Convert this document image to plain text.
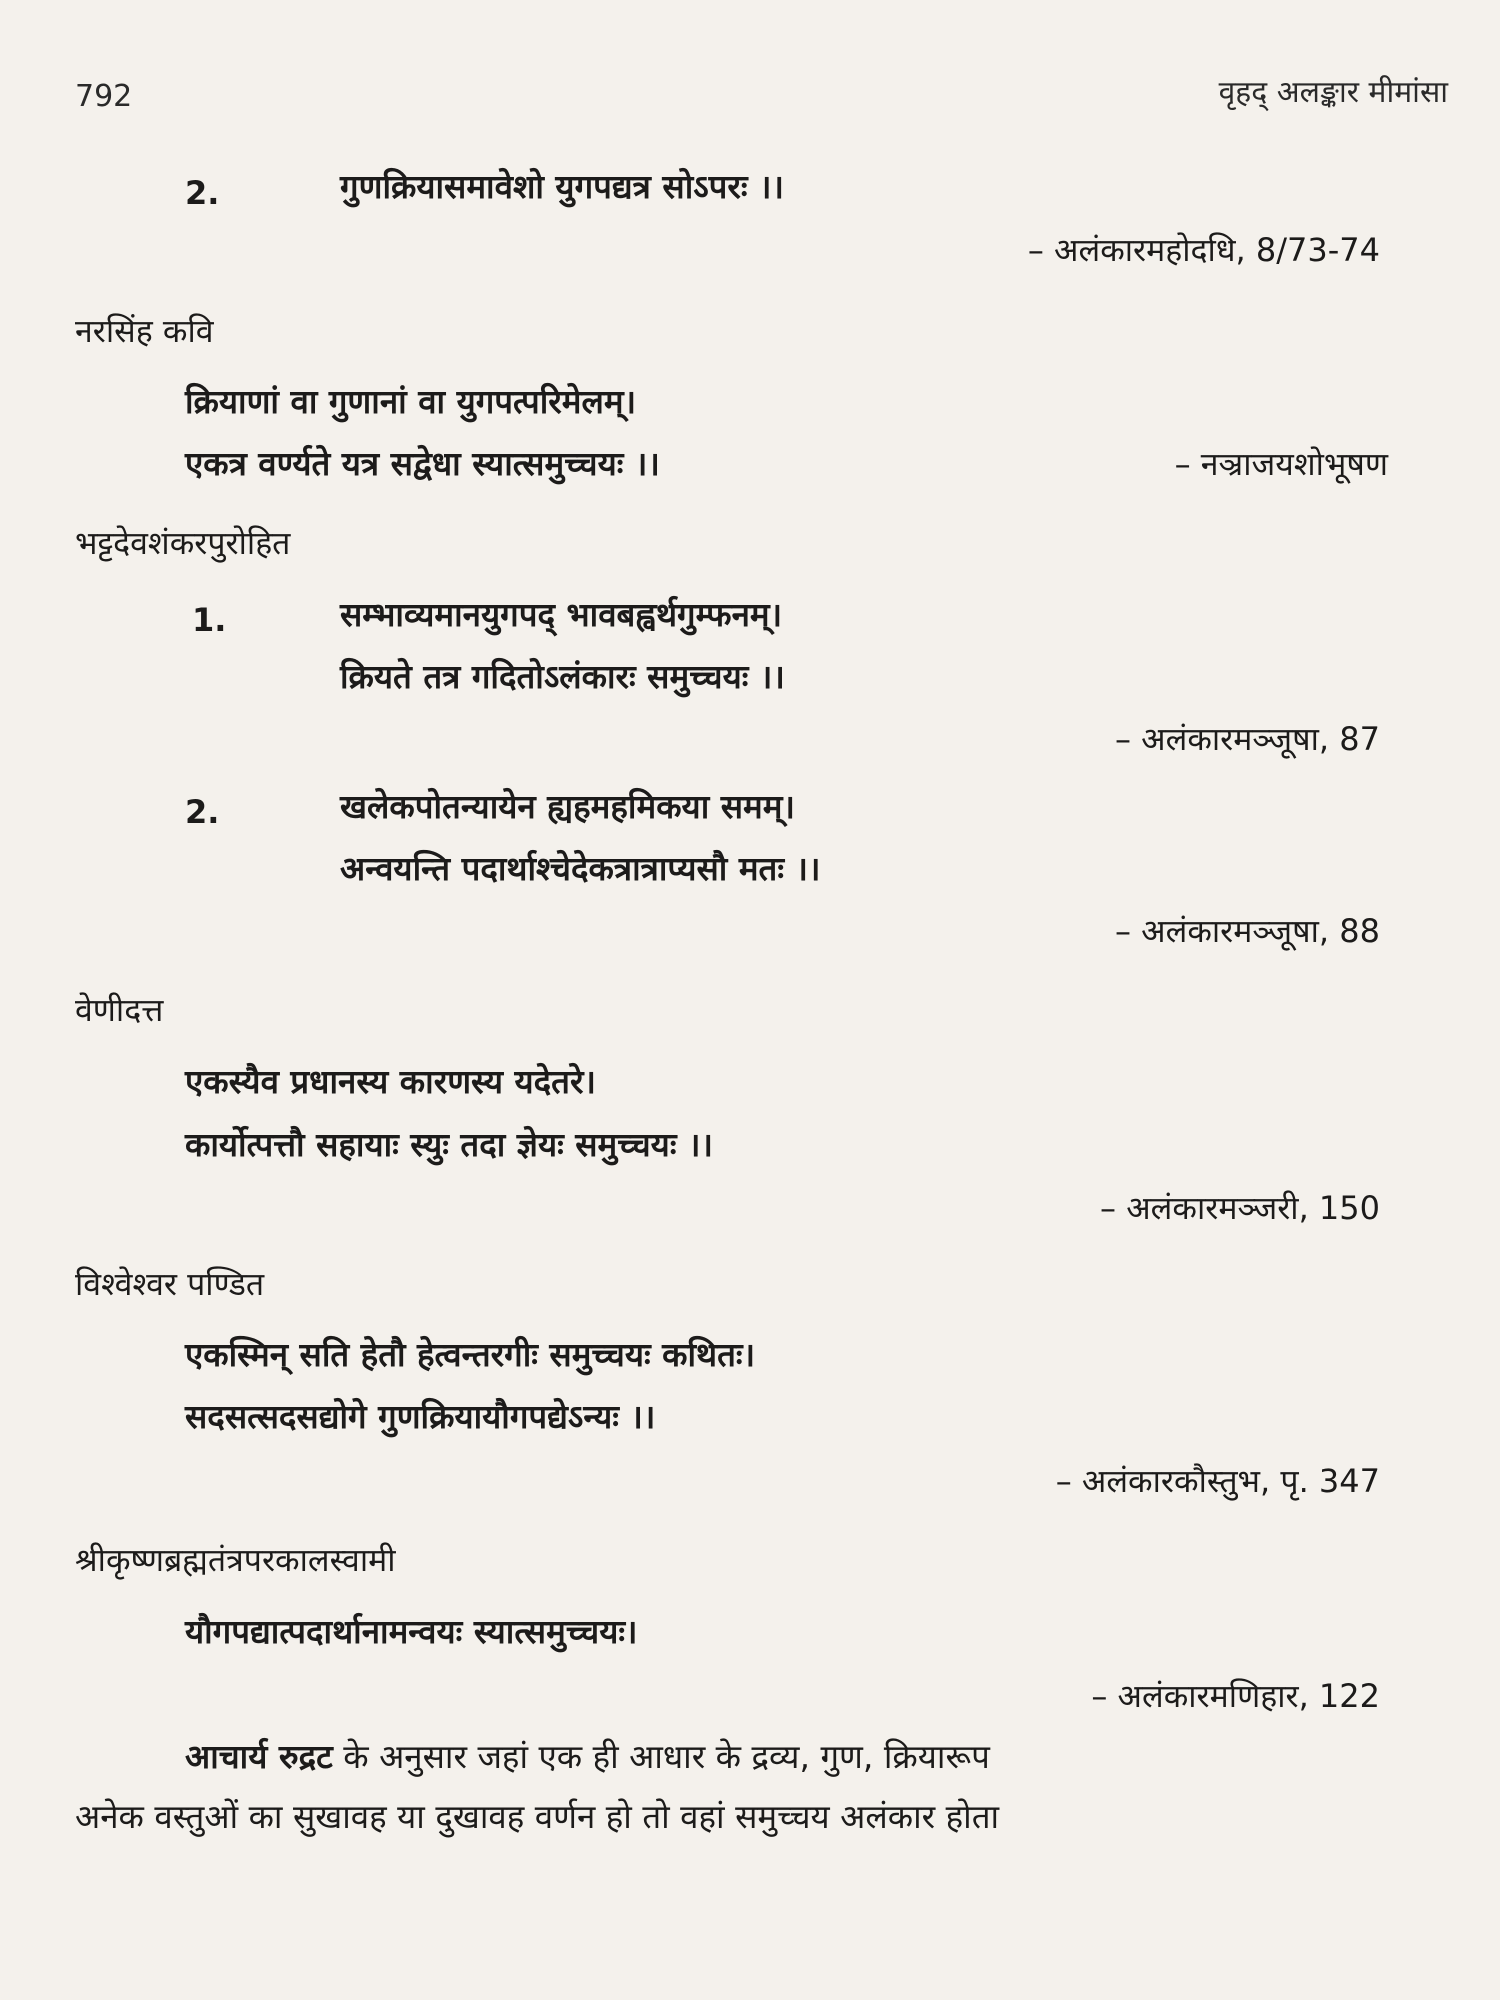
792	वृहद् अलङ्कार मीमांसा
2.	गुणक्रियासमावेशो युगपद्यत्र सोऽपरः ।।
– अलंकारमहोदधि, 8/73-74
नरसिंह कवि
क्रियाणां वा गुणानां वा युगपत्परिमेलम्।
एकत्र वर्ण्यते यत्र सद्वेधा स्यात्समुच्चयः ।।	– नञ्राजयशोभूषण
भट्टदेवशंकरपुरोहित
1.	सम्भाव्यमानयुगपद् भावबह्वर्थगुम्फनम्।
क्रियते तत्र गदितोऽलंकारः समुच्चयः ।।
– अलंकारमञ्जूषा, 87
2.	खलेकपोतन्यायेन ह्यहमहमिकया समम्।
अन्वयन्ति पदार्थाश्चेदेकत्रात्राप्यसौ मतः ।।
– अलंकारमञ्जूषा, 88
वेणीदत्त
एकस्यैव प्रधानस्य कारणस्य यदेतरे।
कार्योत्पत्तौ सहायाः स्युः तदा ज्ञेयः समुच्चयः ।।
– अलंकारमञ्जरी, 150
विश्वेश्वर पण्डित
एकस्मिन् सति हेतौ हेत्वन्तरगीः समुच्चयः कथितः।
सदसत्सदसद्योगे गुणक्रियायौगपद्येऽन्यः ।।
– अलंकारकौस्तुभ, पृ. 347
श्रीकृष्णब्रह्मतंत्रपरकालस्वामी
यौगपद्यात्पदार्थानामन्वयः स्यात्समुच्चयः।
– अलंकारमणिहार, 122
आचार्य रुद्रट के अनुसार जहां एक ही आधार के द्रव्य, गुण, क्रियारूप
अनेक वस्तुओं का सुखावह या दुखावह वर्णन हो तो वहां समुच्चय अलंकार होता
